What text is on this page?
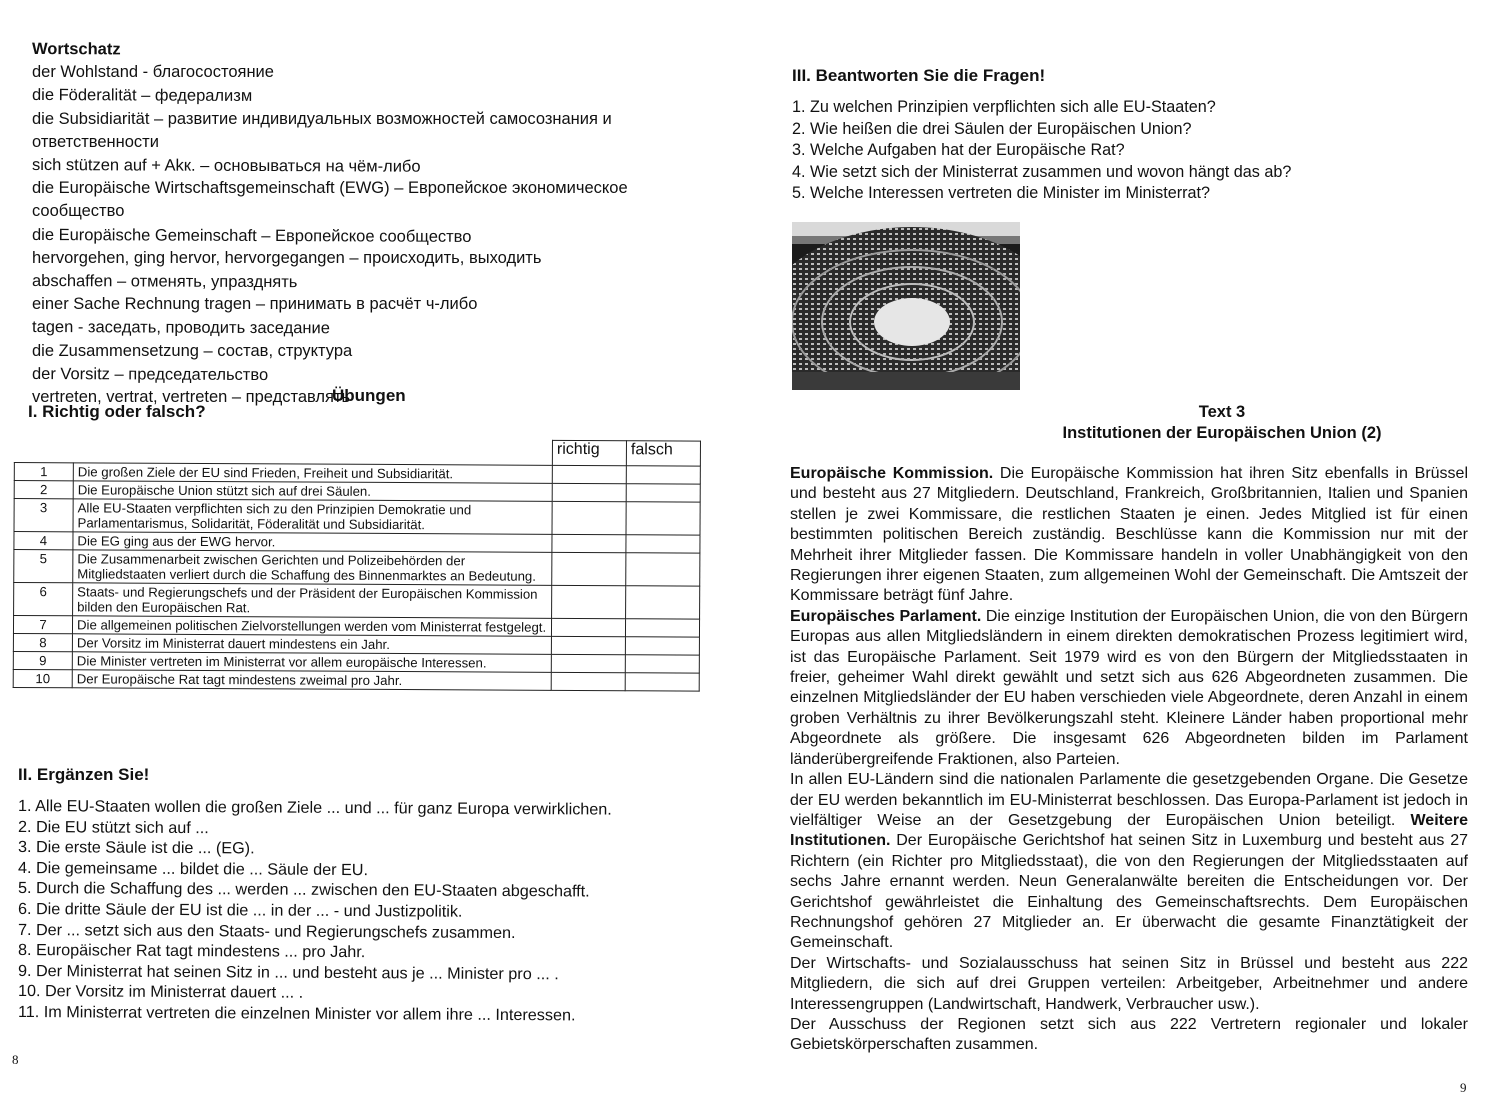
Wortschatz
der Wohlstand - благосостояние
die Föderalität – федерализм
die Subsidiarität – развитие индивидуальных возможностей самосознания и ответственности
sich stützen auf + Akк. – основываться на чём-либо
die Europäische Wirtschaftsgemeinschaft (EWG) – Европейское экономическое сообщество
die Europäische Gemeinschaft – Европейское сообщество
hervorgehen, ging hervor, hervorgegangen – происходить, выходить
abschaffen – отменять, упразднять
einer Sache Rechnung tragen – принимать в расчёт ч-либо
tagen - заседать, проводить заседание
die Zusammensetzung – состав, структура
der Vorsitz – председательство
vertreten, vertrat, vertreten – представлять
Übungen
I. Richtig oder falsch?
		richtig	falsch
1	Die großen Ziele der EU sind Frieden, Freiheit und Subsidiarität.		
2	Die Europäische Union stützt sich auf drei Säulen.		
3	Alle EU-Staaten verpflichten sich zu den Prinzipien Demokratie und Parlamentarismus, Solidarität, Föderalität und Subsidiarität.		
4	Die EG ging aus der EWG hervor.		
5	Die Zusammenarbeit zwischen Gerichten und Polizeibehörden der Mitgliedstaaten verliert durch die Schaffung des Binnenmarktes an Bedeutung.		
6	Staats- und Regierungschefs und der Präsident der Europäischen Kommission bilden den Europäischen Rat.		
7	Die allgemeinen politischen Zielvorstellungen werden vom Ministerrat festgelegt.		
8	Der Vorsitz im Ministerrat dauert mindestens ein Jahr.		
9	Die Minister vertreten im Ministerrat vor allem europäische Interessen.		
10	Der Europäische Rat tagt mindestens zweimal pro Jahr.		
II. Ergänzen Sie!
1. Alle EU-Staaten wollen die großen Ziele ... und ... für ganz Europa verwirklichen.
2. Die EU stützt sich auf ...
3. Die erste Säule ist die ... (EG).
4. Die gemeinsame ... bildet die ... Säule der EU.
5. Durch die Schaffung des ... werden ... zwischen den EU-Staaten abgeschafft.
6. Die dritte Säule der EU ist die ... in der ... - und Justizpolitik.
7. Der ... setzt sich aus den Staats- und Regierungschefs zusammen.
8. Europäischer Rat tagt mindestens ... pro Jahr.
9. Der Ministerrat hat seinen Sitz in ... und besteht aus je ... Minister pro ... .
10. Der Vorsitz im Ministerrat dauert ... .
11. Im Ministerrat vertreten die einzelnen Minister vor allem ihre ... Interessen.
8
III. Beantworten Sie die Fragen!
1. Zu welchen Prinzipien verpflichten sich alle EU-Staaten?
2. Wie heißen die drei Säulen der Europäischen Union?
3. Welche Aufgaben hat der Europäische Rat?
4. Wie setzt sich der Ministerrat zusammen und wovon hängt das ab?
5. Welche Interessen vertreten die Minister im Ministerrat?
Text 3
Institutionen der Europäischen Union (2)

Europäische Kommission. Die Europäische Kommission hat ihren Sitz ebenfalls in Brüssel und besteht aus 27 Mitgliedern. Deutschland, Frankreich, Großbritannien, Italien und Spanien stellen je zwei Kommissare, die restlichen Staaten je einen. Jedes Mitglied ist für einen bestimmten politischen Bereich zuständig. Beschlüsse kann die Kommission nur mit der Mehrheit ihrer Mitglieder fassen. Die Kommissare handeln in voller Unabhängigkeit von den Regierungen ihrer eigenen Staaten, zum allgemeinen Wohl der Gemeinschaft. Die Amtszeit der Kommissare beträgt fünf Jahre.

Europäisches Parlament. Die einzige Institution der Europäischen Union, die von den Bürgern Europas aus allen Mitgliedsländern in einem direkten demokratischen Prozess legitimiert wird, ist das Europäische Parlament. Seit 1979 wird es von den Bürgern der Mitgliedsstaaten in freier, geheimer Wahl direkt gewählt und setzt sich aus 626 Abgeordneten zusammen. Die einzelnen Mitgliedsländer der EU haben verschieden viele Abgeordnete, deren Anzahl in einem groben Verhältnis zu ihrer Bevölkerungszahl steht. Kleinere Länder haben proportional mehr Abgeordnete als größere. Die insgesamt 626 Abgeordneten bilden im Parlament länderübergreifende Fraktionen, also Parteien.

In allen EU-Ländern sind die nationalen Parlamente die gesetzgebenden Organe. Die Gesetze der EU werden bekanntlich im EU-Ministerrat beschlossen. Das Europa-Parlament ist jedoch in vielfältiger Weise an der Gesetzgebung der Europäischen Union beteiligt. Weitere Institutionen. Der Europäische Gerichtshof hat seinen Sitz in Luxemburg und besteht aus 27 Richtern (ein Richter pro Mitgliedsstaat), die von den Regierungen der Mitgliedsstaaten auf sechs Jahre ernannt werden. Neun Generalanwälte bereiten die Entscheidungen vor. Der Gerichtshof gewährleistet die Einhaltung des Gemeinschaftsrechts. Dem Europäischen Rechnungshof gehören 27 Mitglieder an. Er überwacht die gesamte Finanztätigkeit der Gemeinschaft.

Der Wirtschafts- und Sozialausschuss hat seinen Sitz in Brüssel und besteht aus 222 Mitgliedern, die sich auf drei Gruppen verteilen: Arbeitgeber, Arbeitnehmer und andere Interessengruppen (Landwirtschaft, Handwerk, Verbraucher usw.).

Der Ausschuss der Regionen setzt sich aus 222 Vertretern regionaler und lokaler Gebietskörperschaften zusammen.

9
